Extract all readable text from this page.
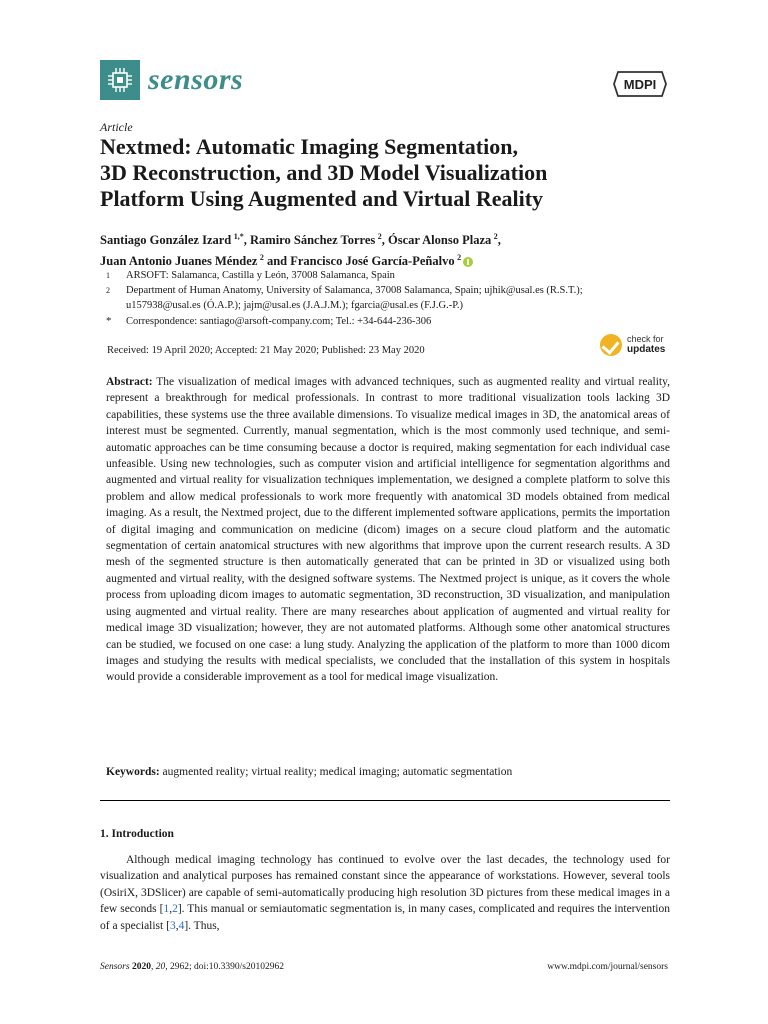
sensors	MDPI
Article
Nextmed: Automatic Imaging Segmentation,
3D Reconstruction, and 3D Model Visualization
Platform Using Augmented and Virtual Reality
Santiago González Izard  $^{1,*}$, Ramiro Sánchez Torres  $^2$, Óscar Alonso Plaza  $^2$,
Juan Antonio Juanes Méndez  $^2$ and Francisco José García-Peñalvo  $^2$
1 ARSOFT: Salamanca, Castilla y León, 37008 Salamanca, Spain
2 Department of Human Anatomy, University of Salamanca, 37008 Salamanca, Spain; ujhik@usal.es (R.S.T.);
u157938@usal.es (Ó.A.P.); jajm@usal.es (J.A.J.M.); fgarcia@usal.es (F.J.G.-P.)
* Correspondence: santiago@arsoft-company.com; Tel.: +34-644-236-306
Received: 19 April 2020; Accepted: 21 May 2020; Published: 23 May 2020
check for
updates
Abstract: The visualization of medical images with advanced techniques, such as augmented reality and virtual reality, represent a breakthrough for medical professionals. In contrast to more traditional visualization tools lacking 3D capabilities, these systems use the three available dimensions. To visualize medical images in 3D, the anatomical areas of interest must be segmented. Currently, manual segmentation, which is the most commonly used technique, and semi-automatic approaches can be time consuming because a doctor is required, making segmentation for each individual case unfeasible. Using new technologies, such as computer vision and artificial intelligence for segmentation algorithms and augmented and virtual reality for visualization techniques implementation, we designed a complete platform to solve this problem and allow medical professionals to work more frequently with anatomical 3D models obtained from medical imaging. As a result, the Nextmed project, due to the different implemented software applications, permits the importation of digital imaging and communication on medicine (dicom) images on a secure cloud platform and the automatic segmentation of certain anatomical structures with new algorithms that improve upon the current research results. A 3D mesh of the segmented structure is then automatically generated that can be printed in 3D or visualized using both augmented and virtual reality, with the designed software systems. The Nextmed project is unique, as it covers the whole process from uploading dicom images to automatic segmentation, 3D reconstruction, 3D visualization, and manipulation using augmented and virtual reality. There are many researches about application of augmented and virtual reality for medical image 3D visualization; however, they are not automated platforms. Although some other anatomical structures can be studied, we focused on one case: a lung study. Analyzing the application of the platform to more than 1000 dicom images and studying the results with medical specialists, we concluded that the installation of this system in hospitals would provide a considerable improvement as a tool for medical image visualization.
Keywords: augmented reality; virtual reality; medical imaging; automatic segmentation
1. Introduction
Although medical imaging technology has continued to evolve over the last decades, the technology used for visualization and analytical purposes has remained constant since the appearance of workstations. However, several tools (OsiriX, 3DSlicer) are capable of semi-automatically producing high resolution 3D pictures from these medical images in a few seconds [1,2]. This manual or semiautomatic segmentation is, in many cases, complicated and requires the intervention of a specialist [3,4]. Thus,
Sensors 2020, 20, 2962; doi:10.3390/s20102962	www.mdpi.com/journal/sensors
